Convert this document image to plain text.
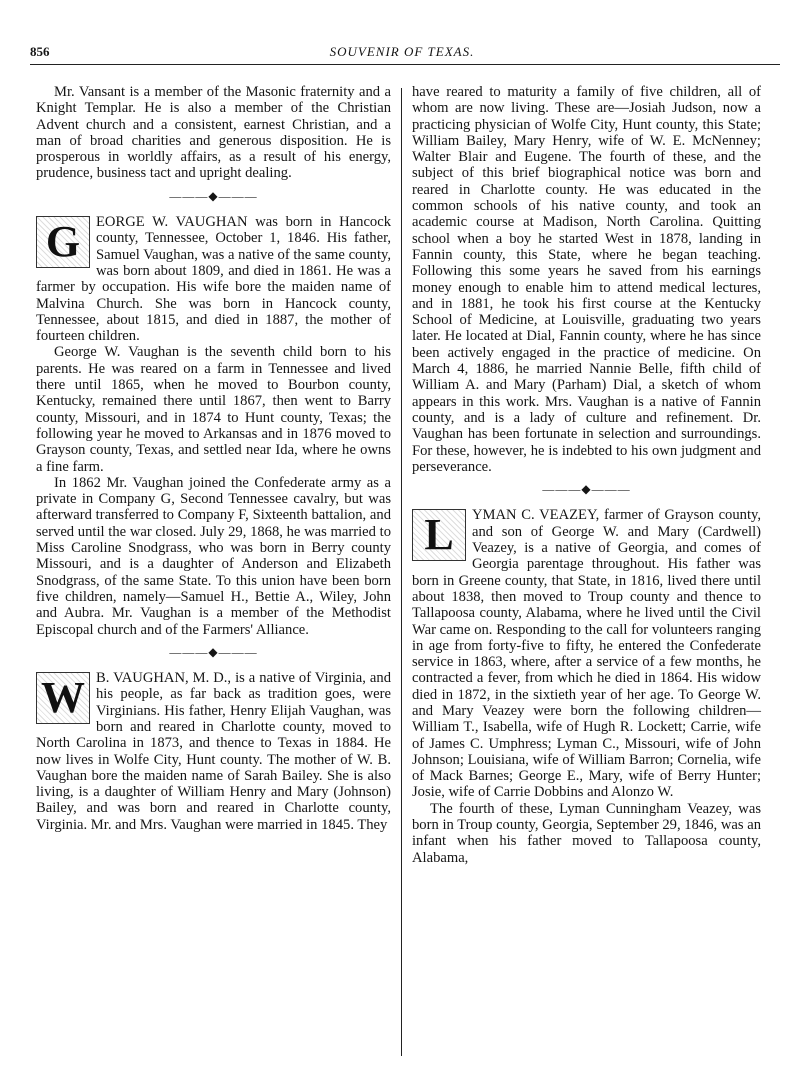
856	SOUVENIR OF TEXAS.

Mr. Vansant is a member of the Masonic fraternity and a Knight Templar. He is also a member of the Christian Advent church and a consistent, earnest Christian, and a man of broad charities and generous disposition. He is prosperous in worldly affairs, as a result of his energy, prudence, business tact and upright dealing.

———◆———
G	EORGE W. VAUGHAN was born in Hancock county, Tennessee, October 1, 1846. His father, Samuel Vaughan, was a native of the same county, was born about 1809, and died in 1861. He was a farmer by occupation. His wife bore the maiden name of Malvina Church. She was born in Hancock county, Tennessee, about 1815, and died in 1887, the mother of fourteen children.

George W. Vaughan is the seventh child born to his parents. He was reared on a farm in Tennessee and lived there until 1865, when he moved to Bourbon county, Kentucky, remained there until 1867, then went to Barry county, Missouri, and in 1874 to Hunt county, Texas; the following year he moved to Arkansas and in 1876 moved to Grayson county, Texas, and settled near Ida, where he owns a fine farm.

In 1862 Mr. Vaughan joined the Confederate army as a private in Company G, Second Tennessee cavalry, but was afterward transferred to Company F, Sixteenth battalion, and served until the war closed. July 29, 1868, he was married to Miss Caroline Snodgrass, who was born in Berry county Missouri, and is a daughter of Anderson and Elizabeth Snodgrass, of the same State. To this union have been born five children, namely—Samuel H., Bettie A., Wiley, John and Aubra. Mr. Vaughan is a member of the Methodist Episcopal church and of the Farmers' Alliance.

———◆———
W B. VAUGHAN, M. D., is a native of Virginia, and his people, as far back as tradition goes, were Virginians. His father, Henry Elijah Vaughan, was born and reared in Charlotte county, moved to North Carolina in 1873, and thence to Texas in 1884. He now lives in Wolfe City, Hunt county. The mother of W. B. Vaughan bore the maiden name of Sarah Bailey. She is also living, is a daughter of William Henry and Mary (Johnson) Bailey, and was born and reared in Charlotte county, Virginia. Mr. and Mrs. Vaughan were married in 1845. They

have reared to maturity a family of five children, all of whom are now living. These are—Josiah Judson, now a practicing physician of Wolfe City, Hunt county, this State; William Bailey, Mary Henry, wife of W. E. McNenney; Walter Blair and Eugene. The fourth of these, and the subject of this brief biographical notice was born and reared in Charlotte county. He was educated in the common schools of his native county, and took an academic course at Madison, North Carolina. Quitting school when a boy he started West in 1878, landing in Fannin county, this State, where he began teaching. Following this some years he saved from his earnings money enough to enable him to attend medical lectures, and in 1881, he took his first course at the Kentucky School of Medicine, at Louisville, graduating two years later. He located at Dial, Fannin county, where he has since been actively engaged in the practice of medicine. On March 4, 1886, he married Nannie Belle, fifth child of William A. and Mary (Parham) Dial, a sketch of whom appears in this work. Mrs. Vaughan is a native of Fannin county, and is a lady of culture and refinement. Dr. Vaughan has been fortunate in selection and surroundings. For these, however, he is indebted to his own judgment and perseverance.

———◆———
L	YMAN C. VEAZEY, farmer of Grayson county, and son of George W. and Mary (Cardwell) Veazey, is a native of Georgia, and comes of Georgia parentage throughout. His father was born in Greene county, that State, in 1816, lived there until about 1838, then moved to Troup county and thence to Tallapoosa county, Alabama, where he lived until the Civil War came on. Responding to the call for volunteers ranging in age from forty-five to fifty, he entered the Confederate service in 1863, where, after a service of a few months, he contracted a fever, from which he died in 1864. His widow died in 1872, in the sixtieth year of her age. To George W. and Mary Veazey were born the following children—William T., Isabella, wife of Hugh R. Lockett; Carrie, wife of James C. Umphress; Lyman C., Missouri, wife of John Johnson; Louisiana, wife of William Barron; Cornelia, wife of Mack Barnes; George E., Mary, wife of Berry Hunter; Josie, wife of Carrie Dobbins and Alonzo W.

The fourth of these, Lyman Cunningham Veazey, was born in Troup county, Georgia, September 29, 1846, was an infant when his father moved to Tallapoosa county, Alabama,
